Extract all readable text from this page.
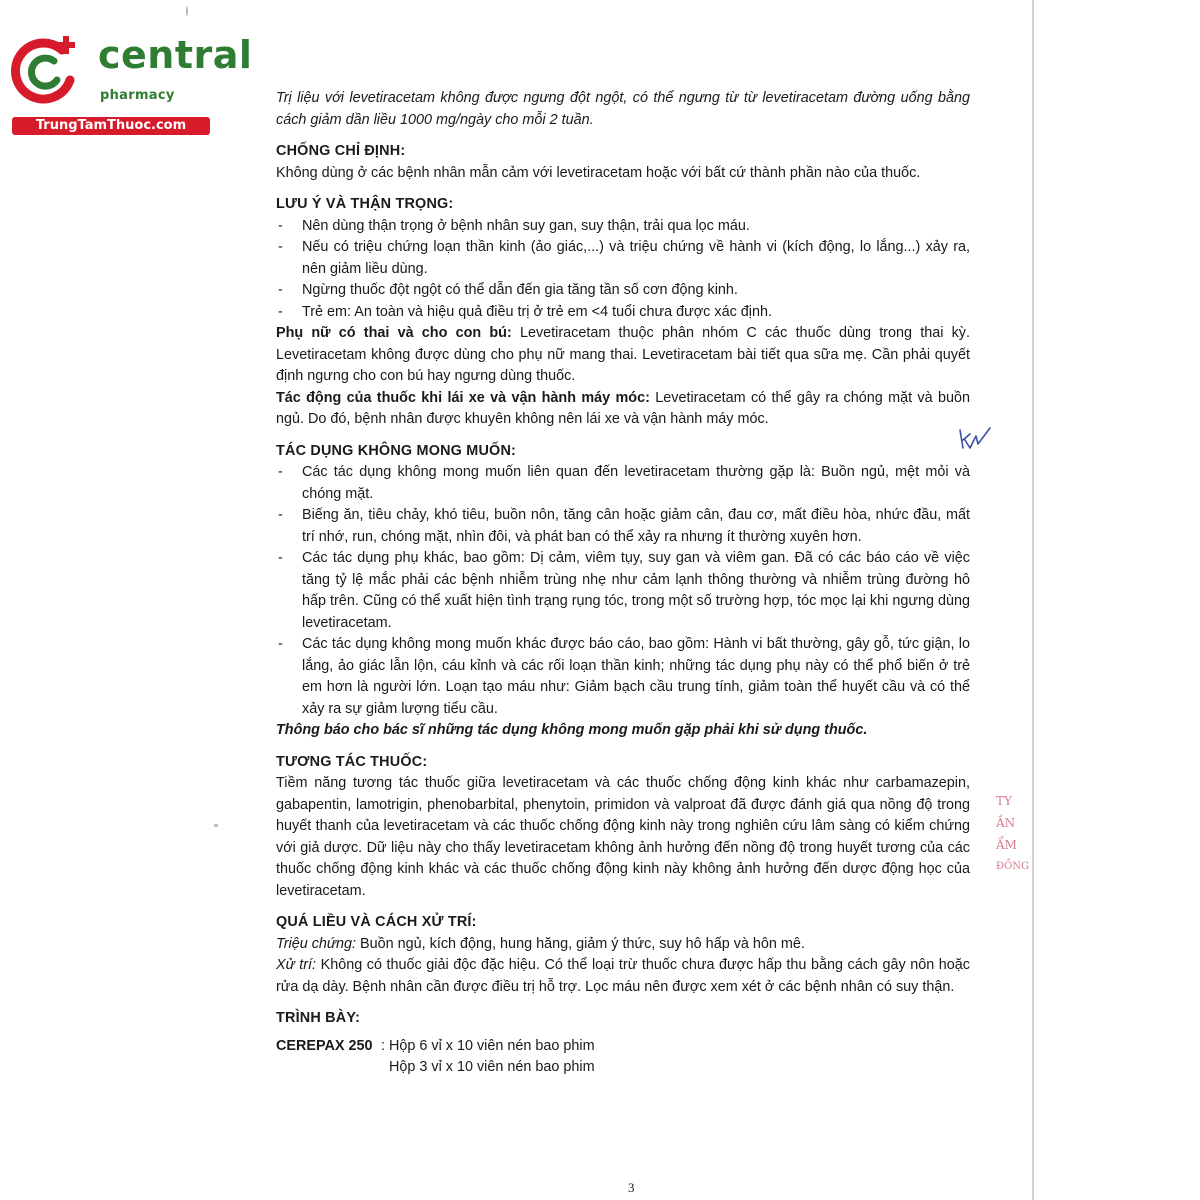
central
pharmacy
TrungTamThuoc.com

Trị liệu với levetiracetam không được ngưng đột ngột, có thể ngưng từ từ levetiracetam đường uống bằng cách giảm dần liều 1000 mg/ngày cho mỗi 2 tuần.

CHỐNG CHỈ ĐỊNH:

Không dùng ở các bệnh nhân mẫn cảm với levetiracetam hoặc với bất cứ thành phần nào của thuốc.

LƯU Ý VÀ THẬN TRỌNG:

- Nên dùng thận trọng ở bệnh nhân suy gan, suy thận, trải qua lọc máu.
- Nếu có triệu chứng loạn thần kinh (ảo giác,...) và triệu chứng về hành vi (kích động, lo lắng...) xảy ra, nên giảm liều dùng.
- Ngừng thuốc đột ngột có thể dẫn đến gia tăng tần số cơn động kinh.
- Trẻ em: An toàn và hiệu quả điều trị ở trẻ em <4 tuổi chưa được xác định.

Phụ nữ có thai và cho con bú: Levetiracetam thuộc phân nhóm C các thuốc dùng trong thai kỳ. Levetiracetam không được dùng cho phụ nữ mang thai. Levetiracetam bài tiết qua sữa mẹ. Cần phải quyết định ngưng cho con bú hay ngưng dùng thuốc.

Tác động của thuốc khi lái xe và vận hành máy móc: Levetiracetam có thể gây ra chóng mặt và buồn ngủ. Do đó, bệnh nhân được khuyên không nên lái xe và vận hành máy móc.

TÁC DỤNG KHÔNG MONG MUỐN:

- Các tác dụng không mong muốn liên quan đến levetiracetam thường gặp là: Buồn ngủ, mệt mỏi và chóng mặt.
- Biếng ăn, tiêu chảy, khó tiêu, buồn nôn, tăng cân hoặc giảm cân, đau cơ, mất điều hòa, nhức đầu, mất trí nhớ, run, chóng mặt, nhìn đôi, và phát ban có thể xảy ra nhưng ít thường xuyên hơn.
- Các tác dụng phụ khác, bao gồm: Dị cảm, viêm tụy, suy gan và viêm gan. Đã có các báo cáo về việc tăng tỷ lệ mắc phải các bệnh nhiễm trùng nhẹ như cảm lạnh thông thường và nhiễm trùng đường hô hấp trên. Cũng có thể xuất hiện tình trạng rụng tóc, trong một số trường hợp, tóc mọc lại khi ngưng dùng levetiracetam.
- Các tác dụng không mong muốn khác được báo cáo, bao gồm: Hành vi bất thường, gây gỗ, tức giận, lo lắng, ảo giác lẫn lộn, cáu kỉnh và các rối loạn thần kinh; những tác dụng phụ này có thể phổ biến ở trẻ em hơn là người lớn. Loạn tạo máu như: Giảm bạch cầu trung tính, giảm toàn thể huyết cầu và có thể xảy ra sự giảm lượng tiểu cầu.

Thông báo cho bác sĩ những tác dụng không mong muốn gặp phải khi sử dụng thuốc.

TƯƠNG TÁC THUỐC:

Tiềm năng tương tác thuốc giữa levetiracetam và các thuốc chống động kinh khác như carbamazepin, gabapentin, lamotrigin, phenobarbital, phenytoin, primidon và valproat đã được đánh giá qua nồng độ trong huyết thanh của levetiracetam và các thuốc chống động kinh này trong nghiên cứu lâm sàng có kiểm chứng với giả dược. Dữ liệu này cho thấy levetiracetam không ảnh hưởng đến nồng độ trong huyết tương của các thuốc chống động kinh khác và các thuốc chống động kinh này không ảnh hưởng đến dược động học của levetiracetam.

QUÁ LIỀU VÀ CÁCH XỬ TRÍ:

Triệu chứng: Buồn ngủ, kích động, hung hăng, giảm ý thức, suy hô hấp và hôn mê.

Xử trí: Không có thuốc giải độc đặc hiệu. Có thể loại trừ thuốc chưa được hấp thu bằng cách gây nôn hoặc rửa dạ dày. Bệnh nhân cần được điều trị hỗ trợ. Lọc máu nên được xem xét ở các bệnh nhân có suy thận.

TRÌNH BÀY:

CEREPAX 250 : Hộp 6 vỉ x 10 viên nén bao phim
Hộp 3 vỉ x 10 viên nén bao phim
TY
ẦN
ẨM
ĐỒNG
3
